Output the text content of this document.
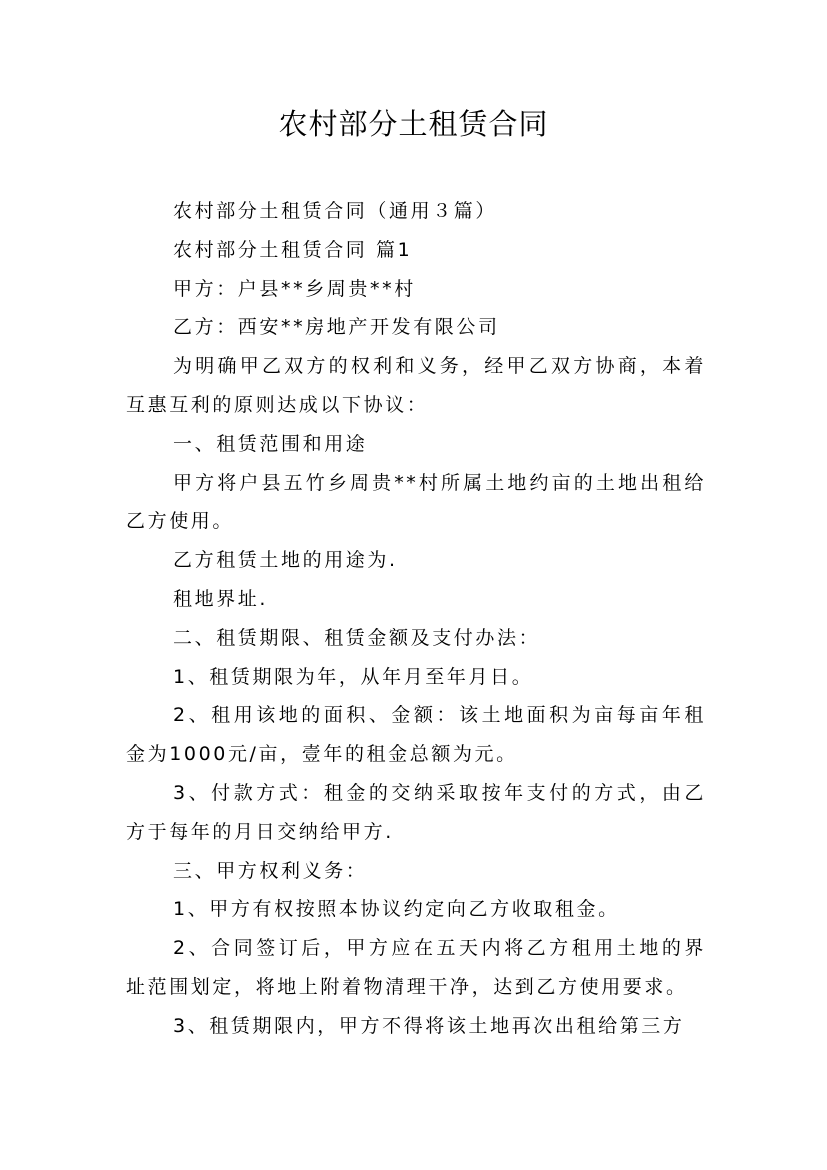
农村部分土租赁合同

农村部分土租赁合同（通用３篇）

农村部分土租赁合同 篇1

甲方：户县**乡周贵**村

乙方：西安**房地产开发有限公司

为明确甲乙双方的权利和义务，经甲乙双方协商，本着互惠互利的原则达成以下协议：

一、租赁范围和用途

甲方将户县五竹乡周贵**村所属土地约亩的土地出租给乙方使用。

乙方租赁土地的用途为.

租地界址.

二、租赁期限、租赁金额及支付办法：

1、租赁期限为年，从年月至年月日。

2、租用该地的面积、金额：该土地面积为亩每亩年租金为1000元/亩，壹年的租金总额为元。

3、付款方式：租金的交纳采取按年支付的方式，由乙方于每年的月日交纳给甲方.

三、甲方权利义务：

1、甲方有权按照本协议约定向乙方收取租金。

2、合同签订后，甲方应在五天内将乙方租用土地的界址范围划定，将地上附着物清理干净，达到乙方使用要求。

3、租赁期限内，甲方不得将该土地再次出租给第三方
